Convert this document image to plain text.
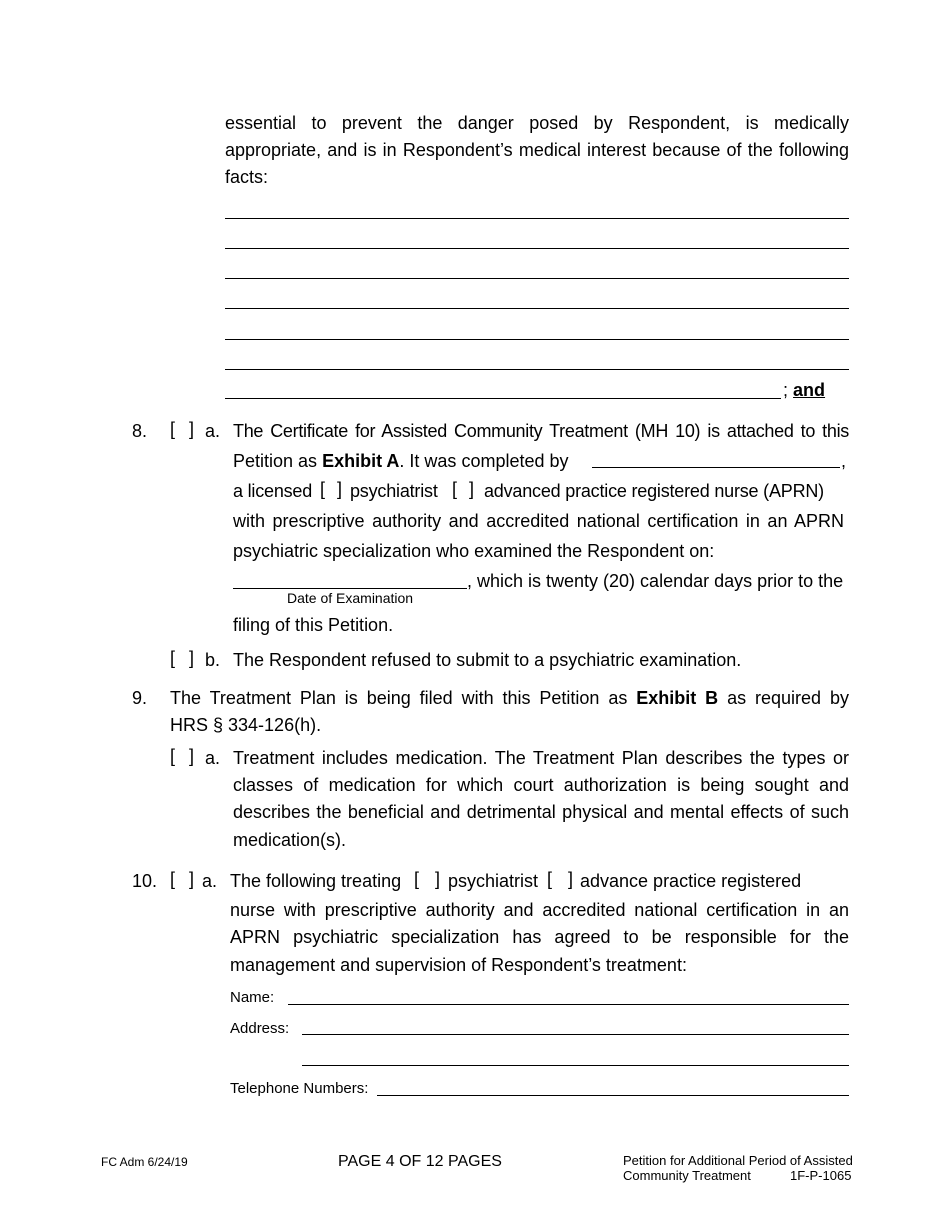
essential to prevent the danger posed by Respondent, is medically
appropriate, and is in Respondent’s medical interest because of the following
facts:
; and
8. [ ] a. The Certificate for Assisted Community Treatment (MH 10) is attached to this
Petition as Exhibit A. It was completed by	,
a licensed [ ] psychiatrist [ ] advanced practice registered nurse (APRN)
with prescriptive authority and accredited national certification in an APRN
psychiatric specialization who examined the Respondent on:
, which is twenty (20) calendar days prior to the
Date of Examination
filing of this Petition.
[ ] b. The Respondent refused to submit to a psychiatric examination.
9. The Treatment Plan is being filed with this Petition as Exhibit B as required by
HRS § 334-126(h).
[ ] a. Treatment includes medication. The Treatment Plan describes the types or
classes of medication for which court authorization is being sought and
describes the beneficial and detrimental physical and mental effects of such
medication(s).
10. [ ] a. The following treating [ ] psychiatrist [ ] advance practice registered
nurse with prescriptive authority and accredited national certification in an
APRN psychiatric specialization has agreed to be responsible for the
management and supervision of Respondent’s treatment:
Name:
Address:
Telephone Numbers:
FC Adm 6/24/19	PAGE 4 OF 12 PAGES	Petition for Additional Period of Assisted
Community Treatment	1F-P-1065
